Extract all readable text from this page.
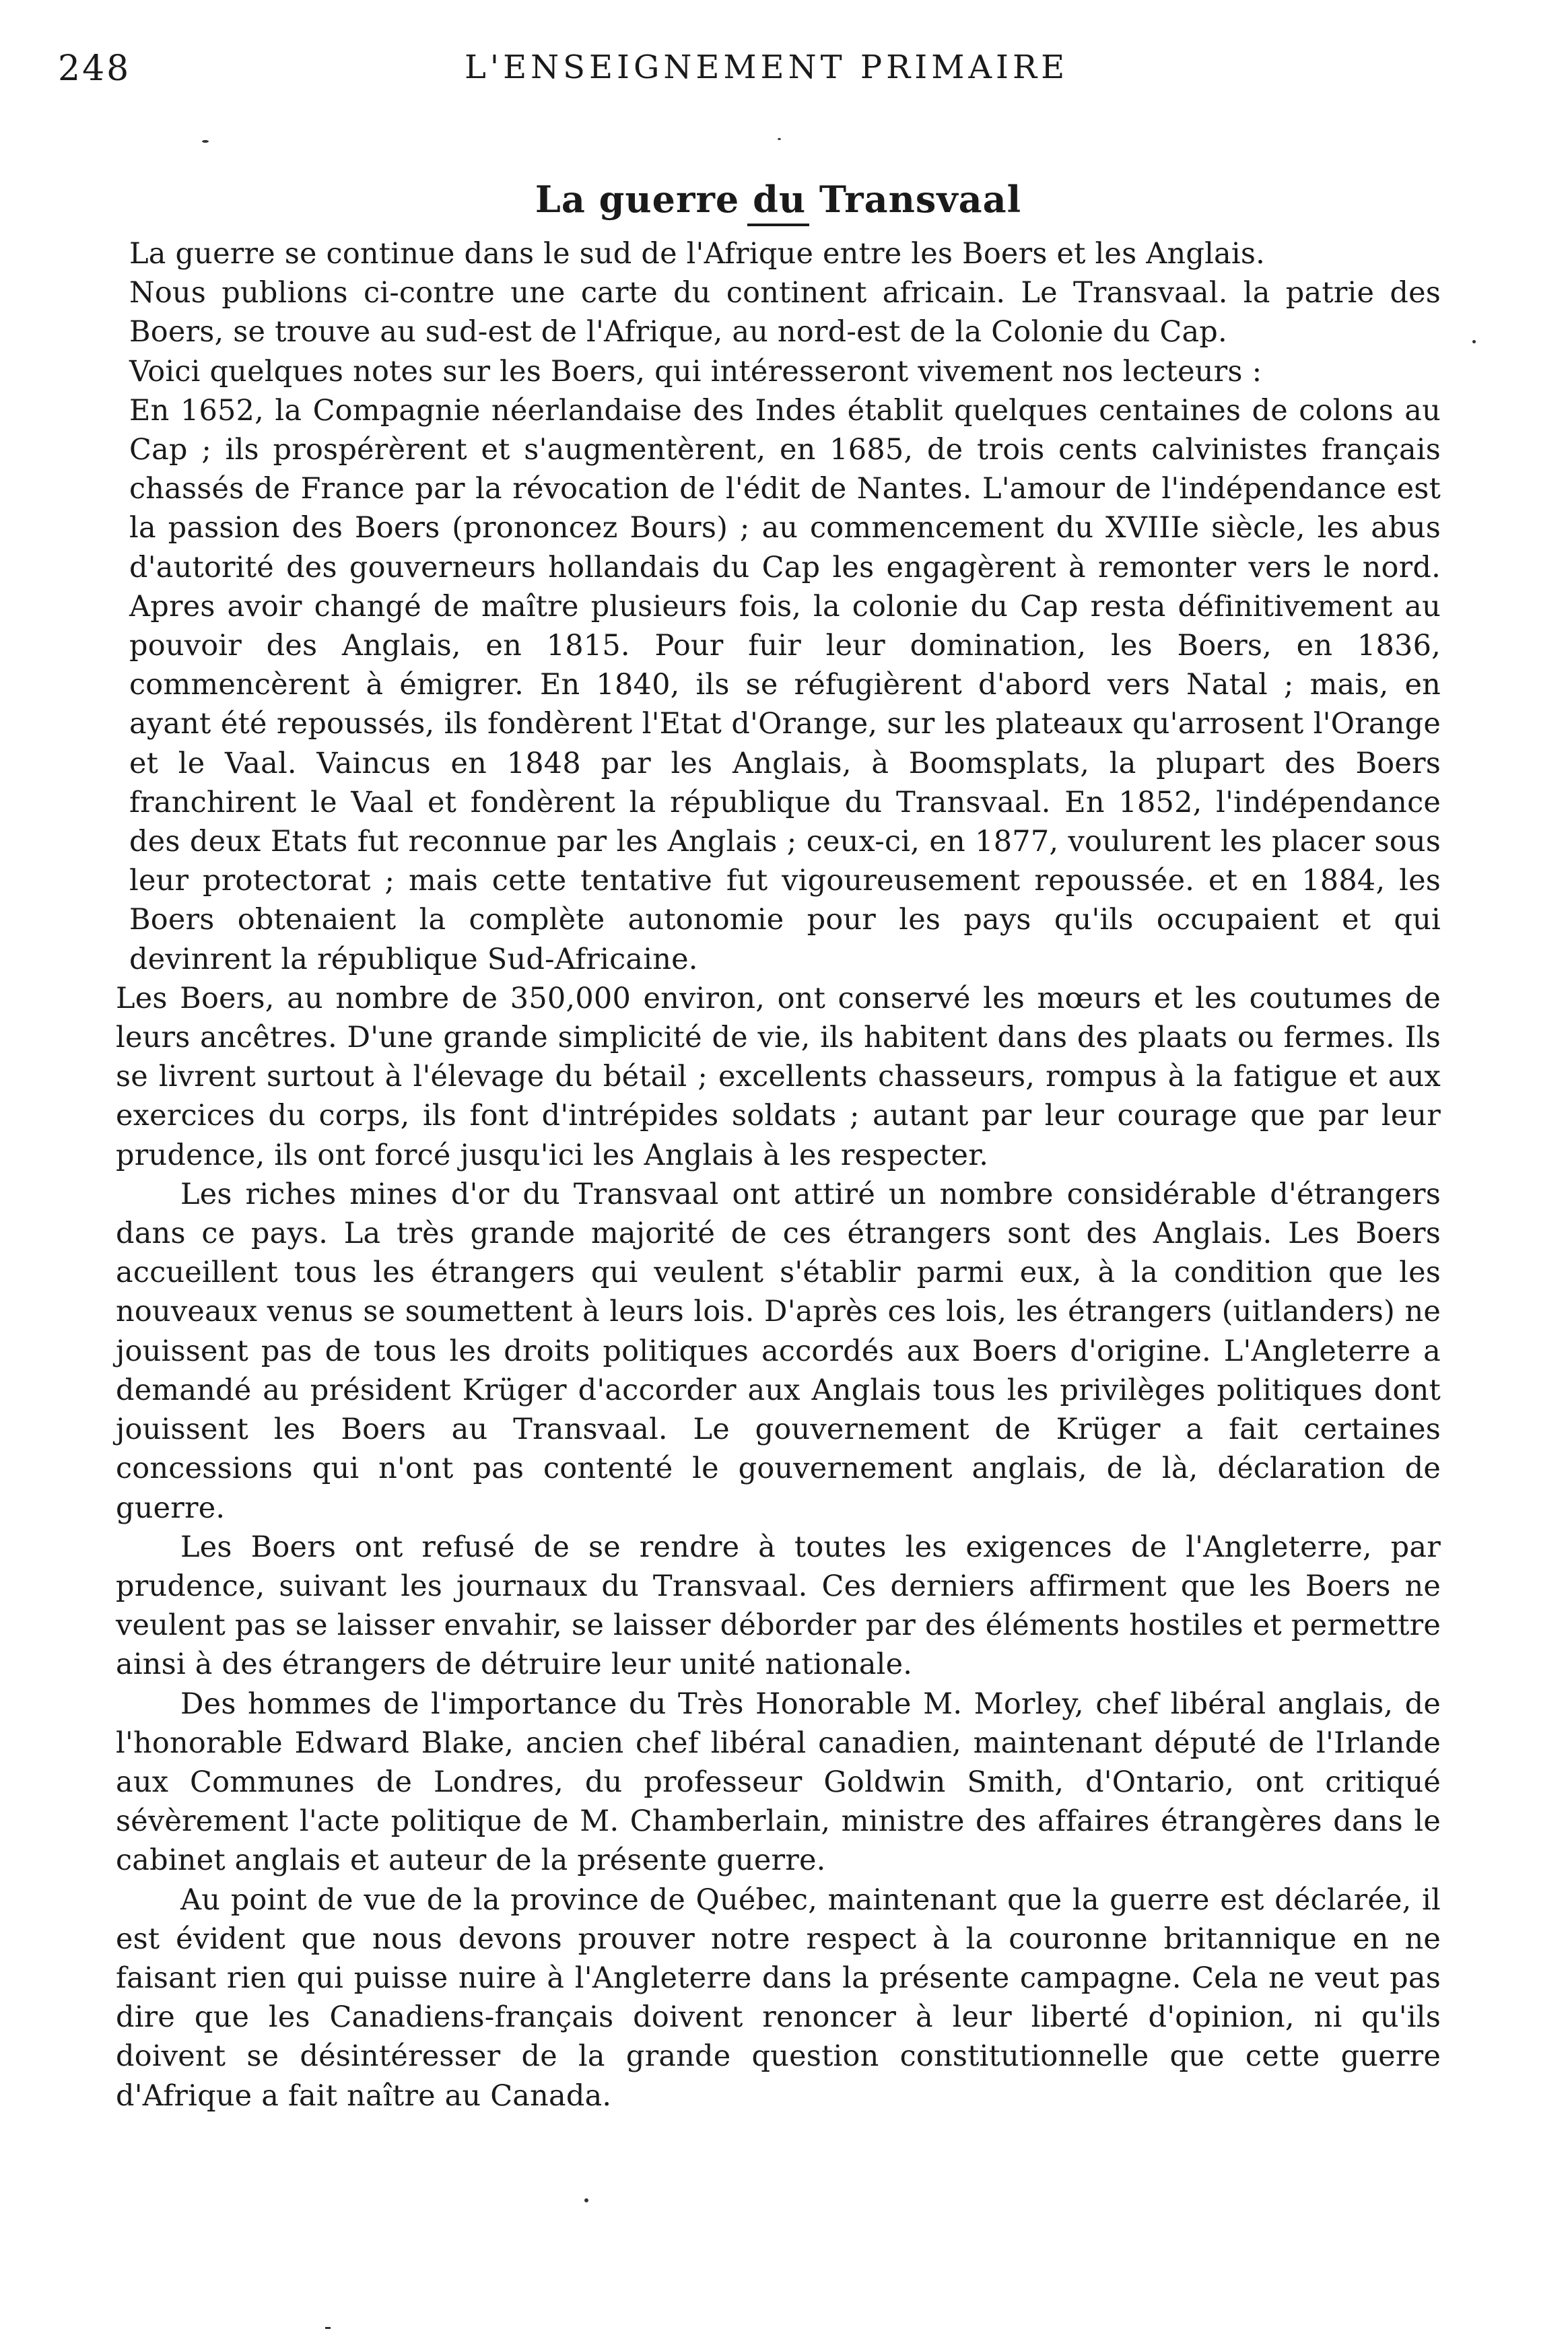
248	L'ENSEIGNEMENT PRIMAIRE
La guerre du Transvaal

La guerre se continue dans le sud de l'Afrique entre les Boers et les Anglais.

Nous publions ci-contre une carte du continent africain. Le Transvaal. la patrie des Boers, se trouve au sud-est de l'Afrique, au nord-est de la Colonie du Cap.

Voici quelques notes sur les Boers, qui intéresseront vivement nos lecteurs :

En 1652, la Compagnie néerlandaise des Indes établit quelques centaines de colons au Cap ; ils prospérèrent et s'augmentèrent, en 1685, de trois cents calvinistes français chassés de France par la révocation de l'édit de Nantes. L'amour de l'indépendance est la passion des Boers (prononcez Bours) ; au commencement du XVIIIe siècle, les abus d'autorité des gouverneurs hollandais du Cap les engagèrent à remonter vers le nord. Apres avoir changé de maître plusieurs fois, la colonie du Cap resta définitivement au pouvoir des Anglais, en 1815. Pour fuir leur domination, les Boers, en 1836, commencèrent à émigrer. En 1840, ils se réfugièrent d'abord vers Natal ; mais, en ayant été repoussés, ils fondèrent l'Etat d'Orange, sur les plateaux qu'arrosent l'Orange et le Vaal. Vaincus en 1848 par les Anglais, à Boomsplats, la plupart des Boers franchirent le Vaal et fondèrent la république du Transvaal. En 1852, l'indépendance des deux Etats fut reconnue par les Anglais ; ceux-ci, en 1877, voulurent les placer sous leur protectorat ; mais cette tentative fut vigoureusement repoussée. et en 1884, les Boers obtenaient la complète autonomie pour les pays qu'ils occupaient et qui devinrent la république Sud-Africaine.

Les Boers, au nombre de 350,000 environ, ont conservé les mœurs et les coutumes de leurs ancêtres. D'une grande simplicité de vie, ils habitent dans des plaats ou fermes. Ils se livrent surtout à l'élevage du bétail ; excellents chasseurs, rompus à la fatigue et aux exercices du corps, ils font d'intrépides soldats ; autant par leur courage que par leur prudence, ils ont forcé jusqu'ici les Anglais à les respecter.

Les riches mines d'or du Transvaal ont attiré un nombre considérable d'étrangers dans ce pays. La très grande majorité de ces étrangers sont des Anglais. Les Boers accueillent tous les étrangers qui veulent s'établir parmi eux, à la condition que les nouveaux venus se soumettent à leurs lois. D'après ces lois, les étrangers (uitlanders) ne jouissent pas de tous les droits politiques accordés aux Boers d'origine. L'Angleterre a demandé au président Krüger d'accorder aux Anglais tous les privilèges politiques dont jouissent les Boers au Transvaal. Le gouvernement de Krüger a fait certaines concessions qui n'ont pas contenté le gouvernement anglais, de là, déclaration de guerre.

Les Boers ont refusé de se rendre à toutes les exigences de l'Angleterre, par prudence, suivant les journaux du Transvaal. Ces derniers affirment que les Boers ne veulent pas se laisser envahir, se laisser déborder par des éléments hostiles et permettre ainsi à des étrangers de détruire leur unité nationale.

Des hommes de l'importance du Très Honorable M. Morley, chef libéral anglais, de l'honorable Edward Blake, ancien chef libéral canadien, maintenant député de l'Irlande aux Communes de Londres, du professeur Goldwin Smith, d'Ontario, ont critiqué sévèrement l'acte politique de M. Chamberlain, ministre des affaires étrangères dans le cabinet anglais et auteur de la présente guerre.

Au point de vue de la province de Québec, maintenant que la guerre est déclarée, il est évident que nous devons prouver notre respect à la couronne britannique en ne faisant rien qui puisse nuire à l'Angleterre dans la présente campagne. Cela ne veut pas dire que les Canadiens-français doivent renoncer à leur liberté d'opinion, ni qu'ils doivent se désintéresser de la grande question constitutionnelle que cette guerre d'Afrique a fait naître au Canada.
